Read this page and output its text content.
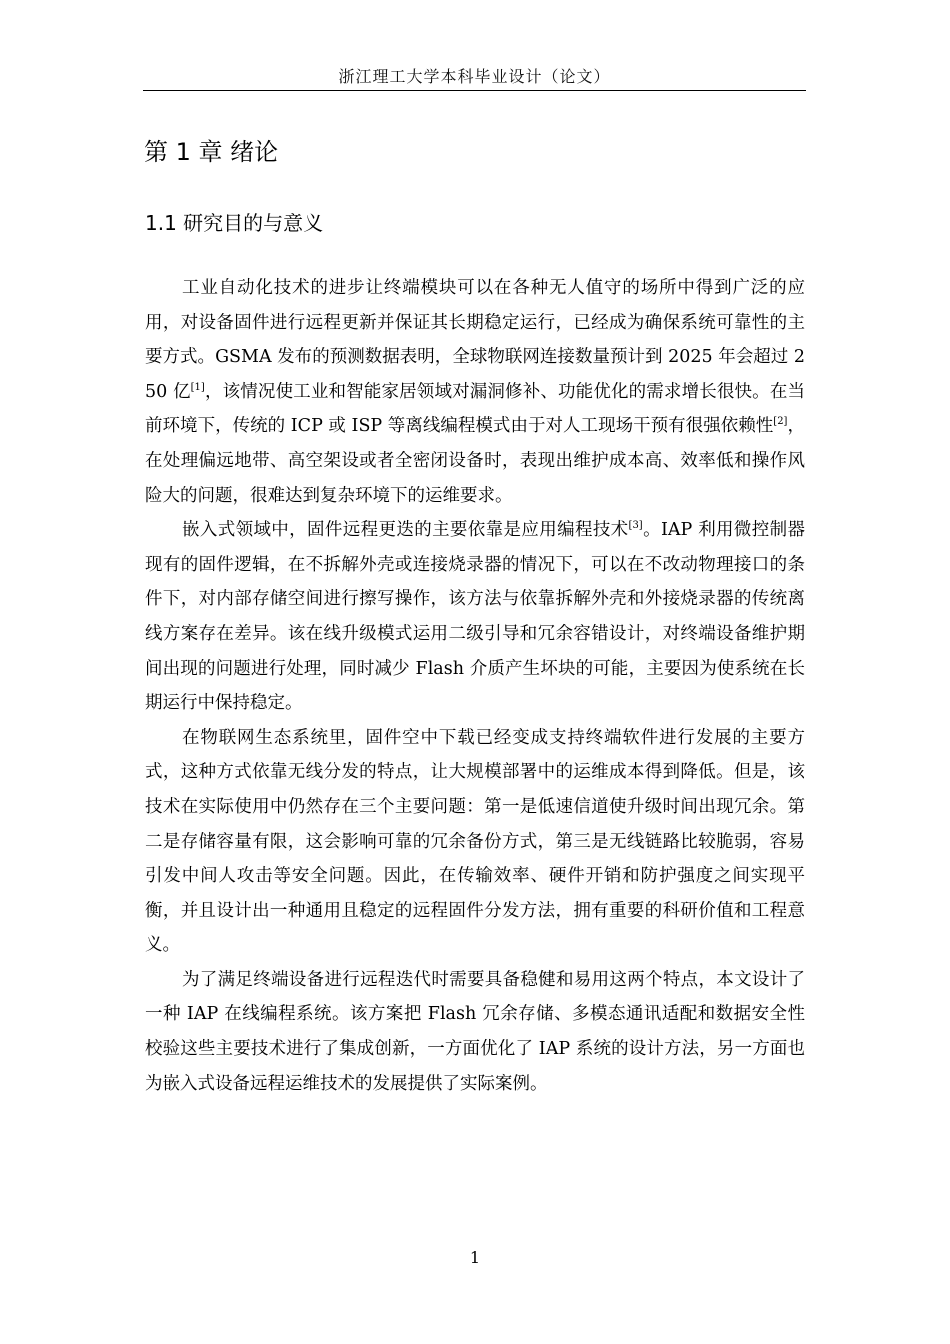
浙江理工大学本科毕业设计（论文）
第 1 章 绪论
1.1 研究目的与意义

工业自动化技术的进步让终端模块可以在各种无人值守的场所中得到广泛的应用，对设备固件进行远程更新并保证其长期稳定运行，已经成为确保系统可靠性的主要方式。GSMA 发布的预测数据表明，全球物联网连接数量预计到 2025 年会超过 250 亿[1]，该情况使工业和智能家居领域对漏洞修补、功能优化的需求增长很快。在当前环境下，传统的 ICP 或 ISP 等离线编程模式由于对人工现场干预有很强依赖性[2]，在处理偏远地带、高空架设或者全密闭设备时，表现出维护成本高、效率低和操作风险大的问题，很难达到复杂环境下的运维要求。

嵌入式领域中，固件远程更迭的主要依靠是应用编程技术[3]。IAP 利用微控制器现有的固件逻辑，在不拆解外壳或连接烧录器的情况下，可以在不改动物理接口的条件下，对内部存储空间进行擦写操作，该方法与依靠拆解外壳和外接烧录器的传统离线方案存在差异。该在线升级模式运用二级引导和冗余容错设计，对终端设备维护期间出现的问题进行处理，同时减少 Flash 介质产生坏块的可能，主要因为使系统在长期运行中保持稳定。

在物联网生态系统里，固件空中下载已经变成支持终端软件进行发展的主要方式，这种方式依靠无线分发的特点，让大规模部署中的运维成本得到降低。但是，该技术在实际使用中仍然存在三个主要问题：第一是低速信道使升级时间出现冗余。第二是存储容量有限，这会影响可靠的冗余备份方式，第三是无线链路比较脆弱，容易引发中间人攻击等安全问题。因此，在传输效率、硬件开销和防护强度之间实现平衡，并且设计出一种通用且稳定的远程固件分发方法，拥有重要的科研价值和工程意义。

为了满足终端设备进行远程迭代时需要具备稳健和易用这两个特点，本文设计了一种 IAP 在线编程系统。该方案把 Flash 冗余存储、多模态通讯适配和数据安全性校验这些主要技术进行了集成创新，一方面优化了 IAP 系统的设计方法，另一方面也为嵌入式设备远程运维技术的发展提供了实际案例。

1
